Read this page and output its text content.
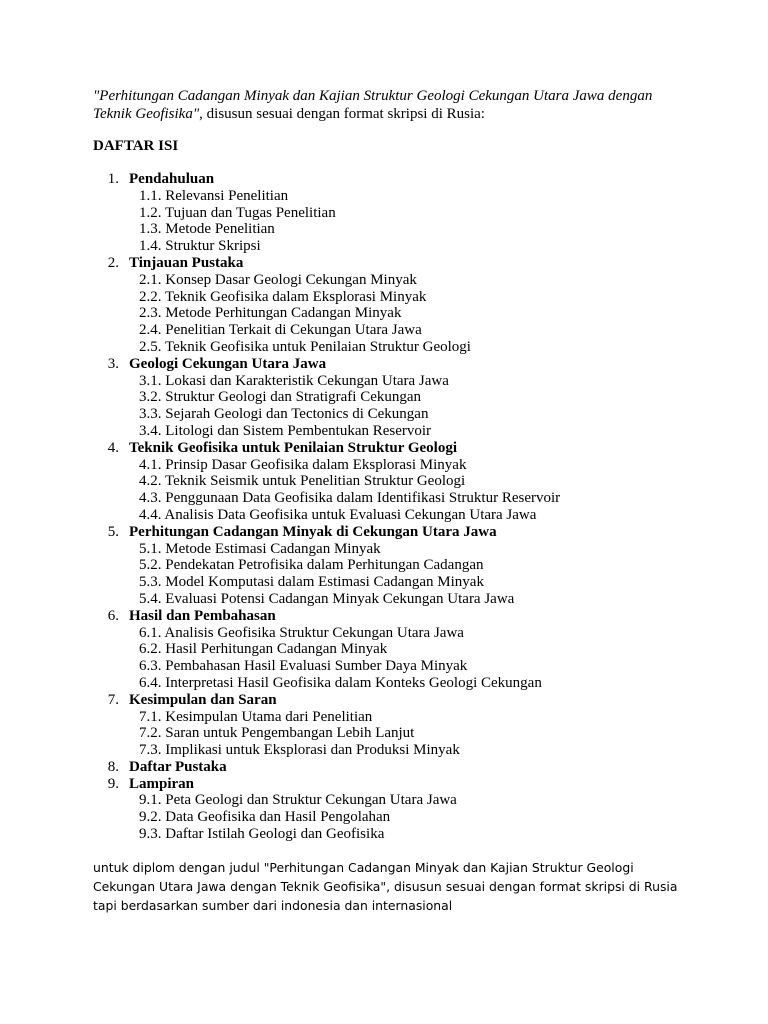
"Perhitungan Cadangan Minyak dan Kajian Struktur Geologi Cekungan Utara Jawa dengan Teknik Geofisika", disusun sesuai dengan format skripsi di Rusia:
DAFTAR ISI
1. Pendahuluan
1.1. Relevansi Penelitian
1.2. Tujuan dan Tugas Penelitian
1.3. Metode Penelitian
1.4. Struktur Skripsi
2. Tinjauan Pustaka
2.1. Konsep Dasar Geologi Cekungan Minyak
2.2. Teknik Geofisika dalam Eksplorasi Minyak
2.3. Metode Perhitungan Cadangan Minyak
2.4. Penelitian Terkait di Cekungan Utara Jawa
2.5. Teknik Geofisika untuk Penilaian Struktur Geologi
3. Geologi Cekungan Utara Jawa
3.1. Lokasi dan Karakteristik Cekungan Utara Jawa
3.2. Struktur Geologi dan Stratigrafi Cekungan
3.3. Sejarah Geologi dan Tectonics di Cekungan
3.4. Litologi dan Sistem Pembentukan Reservoir
4. Teknik Geofisika untuk Penilaian Struktur Geologi
4.1. Prinsip Dasar Geofisika dalam Eksplorasi Minyak
4.2. Teknik Seismik untuk Penelitian Struktur Geologi
4.3. Penggunaan Data Geofisika dalam Identifikasi Struktur Reservoir
4.4. Analisis Data Geofisika untuk Evaluasi Cekungan Utara Jawa
5. Perhitungan Cadangan Minyak di Cekungan Utara Jawa
5.1. Metode Estimasi Cadangan Minyak
5.2. Pendekatan Petrofisika dalam Perhitungan Cadangan
5.3. Model Komputasi dalam Estimasi Cadangan Minyak
5.4. Evaluasi Potensi Cadangan Minyak Cekungan Utara Jawa
6. Hasil dan Pembahasan
6.1. Analisis Geofisika Struktur Cekungan Utara Jawa
6.2. Hasil Perhitungan Cadangan Minyak
6.3. Pembahasan Hasil Evaluasi Sumber Daya Minyak
6.4. Interpretasi Hasil Geofisika dalam Konteks Geologi Cekungan
7. Kesimpulan dan Saran
7.1. Kesimpulan Utama dari Penelitian
7.2. Saran untuk Pengembangan Lebih Lanjut
7.3. Implikasi untuk Eksplorasi dan Produksi Minyak
8. Daftar Pustaka
9. Lampiran
9.1. Peta Geologi dan Struktur Cekungan Utara Jawa
9.2. Data Geofisika dan Hasil Pengolahan
9.3. Daftar Istilah Geologi dan Geofisika
untuk diplom dengan judul "Perhitungan Cadangan Minyak dan Kajian Struktur Geologi Cekungan Utara Jawa dengan Teknik Geofisika", disusun sesuai dengan format skripsi di Rusia tapi berdasarkan sumber dari indonesia dan internasional
